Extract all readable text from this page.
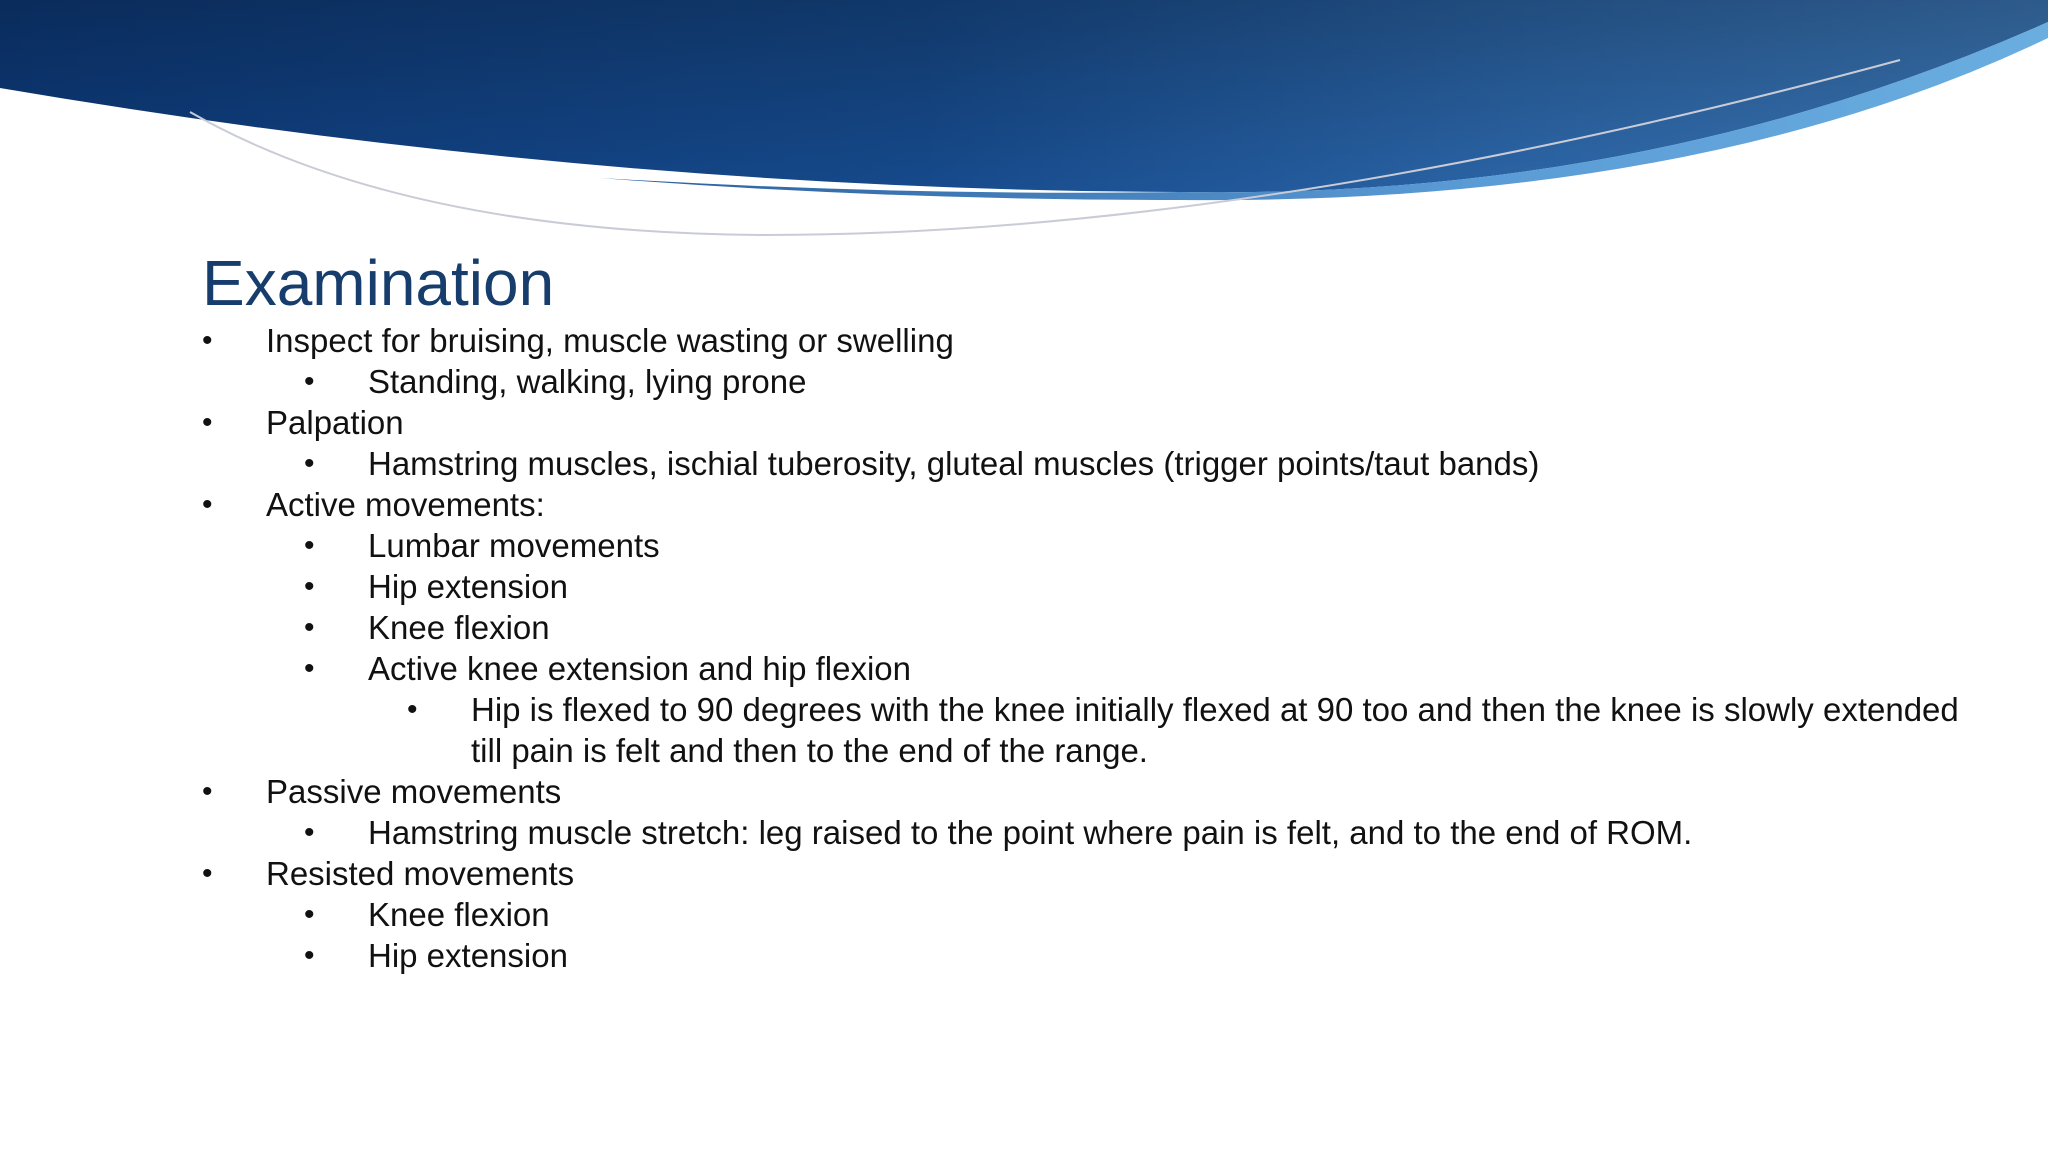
Examination
• Inspect for bruising, muscle wasting or swelling
• Standing, walking, lying prone
• Palpation
• Hamstring muscles, ischial tuberosity, gluteal muscles (trigger points/taut bands)
• Active movements:
• Lumbar movements
• Hip extension
• Knee flexion
• Active knee extension and hip flexion
• Hip is flexed to 90 degrees with the knee initially flexed at 90 too and then the knee is slowly extended till pain is felt and then to the end of the range.
• Passive movements
• Hamstring muscle stretch: leg raised to the point where pain is felt, and to the end of ROM.
• Resisted movements
• Knee flexion
• Hip extension
